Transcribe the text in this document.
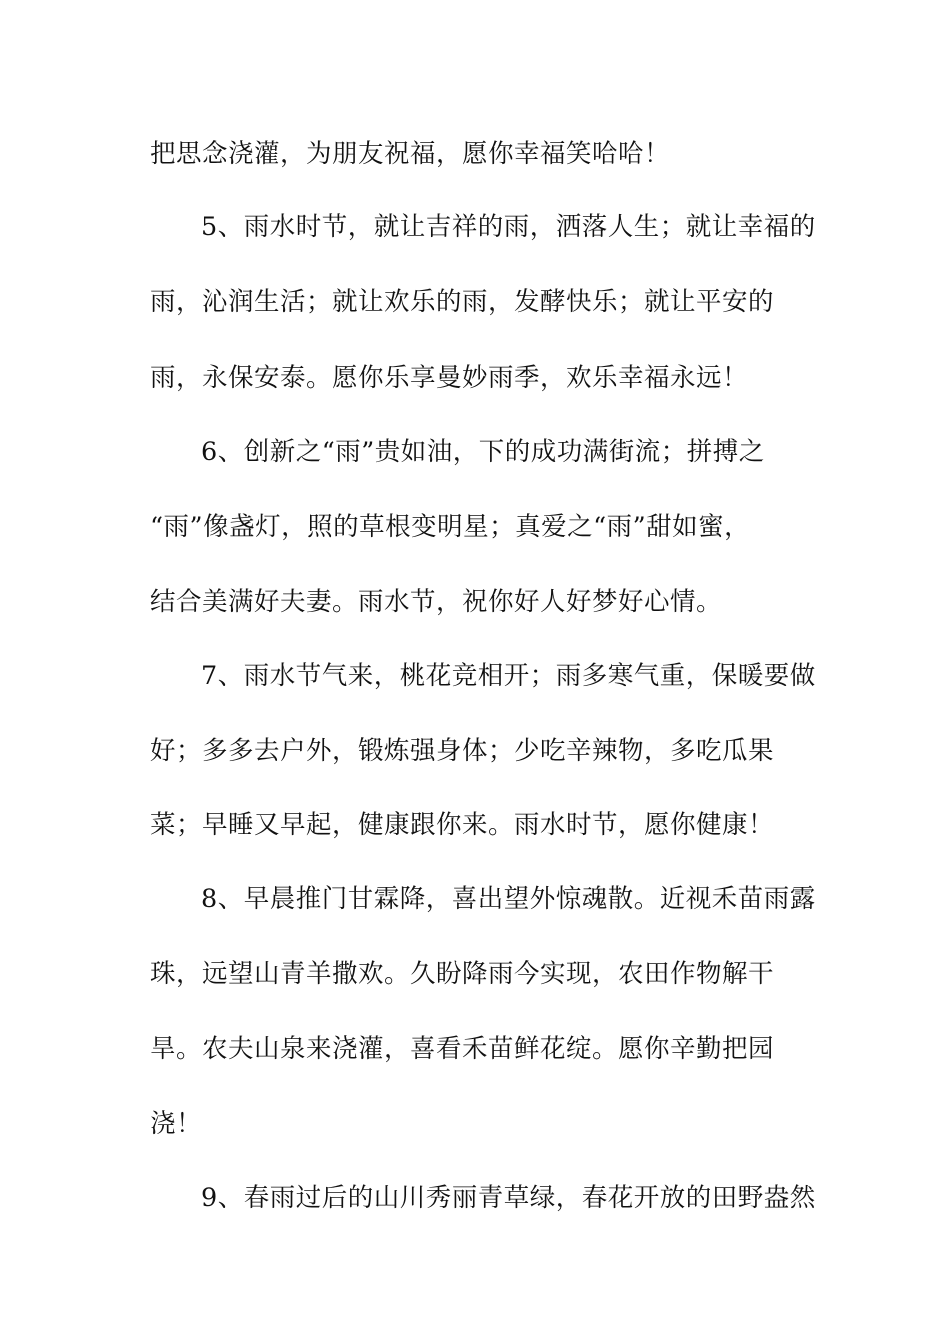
把思念浇灌，为朋友祝福，愿你幸福笑哈哈！
5、雨水时节，就让吉祥的雨，洒落人生；就让幸福的
雨，沁润生活；就让欢乐的雨，发酵快乐；就让平安的
雨，永保安泰。愿你乐享曼妙雨季，欢乐幸福永远！
6、创新之“雨”贵如油，下的成功满街流；拼搏之
“雨”像盏灯，照的草根变明星；真爱之“雨”甜如蜜，
结合美满好夫妻。雨水节，祝你好人好梦好心情。
7、雨水节气来，桃花竞相开；雨多寒气重，保暖要做
好；多多去户外，锻炼强身体；少吃辛辣物，多吃瓜果
菜；早睡又早起，健康跟你来。雨水时节，愿你健康！
8、早晨推门甘霖降，喜出望外惊魂散。近视禾苗雨露
珠，远望山青羊撒欢。久盼降雨今实现，农田作物解干
旱。农夫山泉来浇灌，喜看禾苗鲜花绽。愿你辛勤把园
浇！
9、春雨过后的山川秀丽青草绿，春花开放的田野盎然
